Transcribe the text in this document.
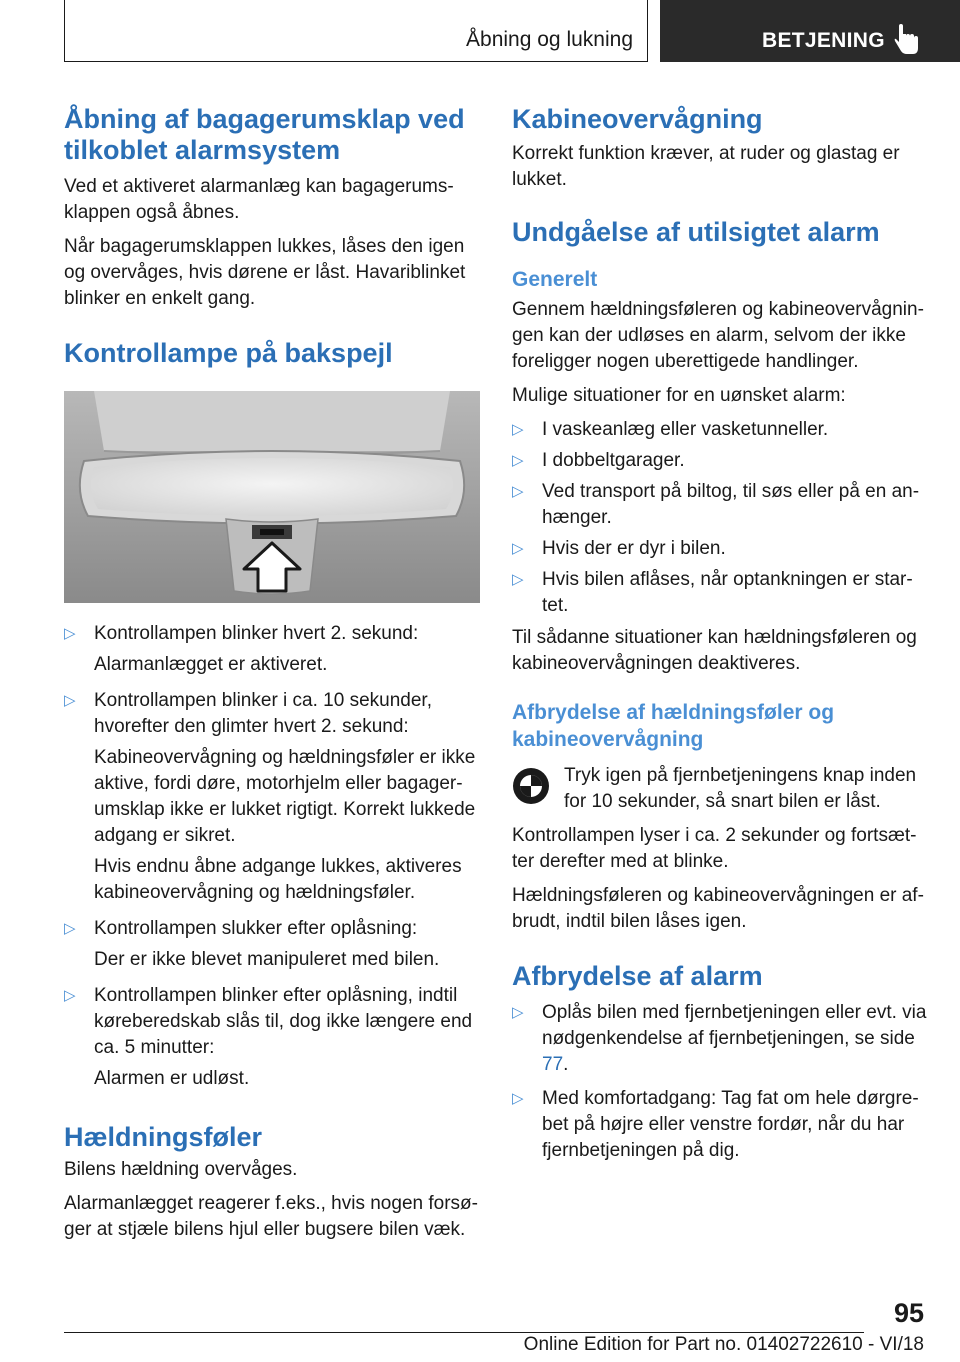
Åbning og lukning	BETJENING
Åbning af bagagerumsklap ved tilkoblet alarmsystem

Ved et aktiveret alarmanlæg kan bagagerumsklappen også åbnes.

Når bagagerumsklappen lukkes, låses den igen og overvåges, hvis dørene er låst. Havariblinket blinker en enkelt gang.

Kontrollampe på bakspejl
▷ Kontrollampen blinker hvert 2. sekund:

Alarmanlægget er aktiveret.

▷ Kontrollampen blinker i ca. 10 sekunder, hvorefter den glimter hvert 2. sekund:

Kabineovervågning og hældningsføler er ikke aktive, fordi døre, motorhjelm eller bagagerumsklap ikke er lukket rigtigt. Korrekt lukkede adgang er sikret.

Hvis endnu åbne adgange lukkes, aktiveres kabineovervågning og hældningsføler.

▷ Kontrollampen slukker efter oplåsning:

Der er ikke blevet manipuleret med bilen.

▷ Kontrollampen blinker efter oplåsning, indtil køreberedskab slås til, dog ikke længere end ca. 5 minutter:

Alarmen er udløst.

Hældningsføler

Bilens hældning overvåges.

Alarmanlægget reagerer f.eks., hvis nogen forsøger at stjæle bilens hjul eller bugsere bilen væk.

Kabineovervågning

Korrekt funktion kræver, at ruder og glastag er lukket.

Undgåelse af utilsigtet alarm
Generelt

Gennem hældningsføleren og kabineovervågningen kan der udløses en alarm, selvom der ikke foreligger nogen uberettigede handlinger.

Mulige situationer for en uønsket alarm:

▷ I vaskeanlæg eller vasketunneller.
▷ I dobbeltgarager.
▷ Ved transport på biltog, til søs eller på en anhænger.
▷ Hvis der er dyr i bilen.
▷ Hvis bilen aflåses, når optankningen er startet.

Til sådanne situationer kan hældningsføleren og kabineovervågningen deaktiveres.

Afbrydelse af hældningsføler og kabineovervågning

Tryk igen på fjernbetjeningens knap inden for 10 sekunder, så snart bilen er låst.

Kontrollampen lyser i ca. 2 sekunder og fortsætter derefter med at blinke.

Hældningsføleren og kabineovervågningen er afbrudt, indtil bilen låses igen.

Afbrydelse af alarm
▷ Oplås bilen med fjernbetjeningen eller evt. via nødgenkendelse af fjernbetjeningen, se side 77.
▷ Med komfortadgang: Tag fat om hele dørgrebet på højre eller venstre fordør, når du har fjernbetjeningen på dig.
95
Online Edition for Part no. 01402722610 - VI/18
